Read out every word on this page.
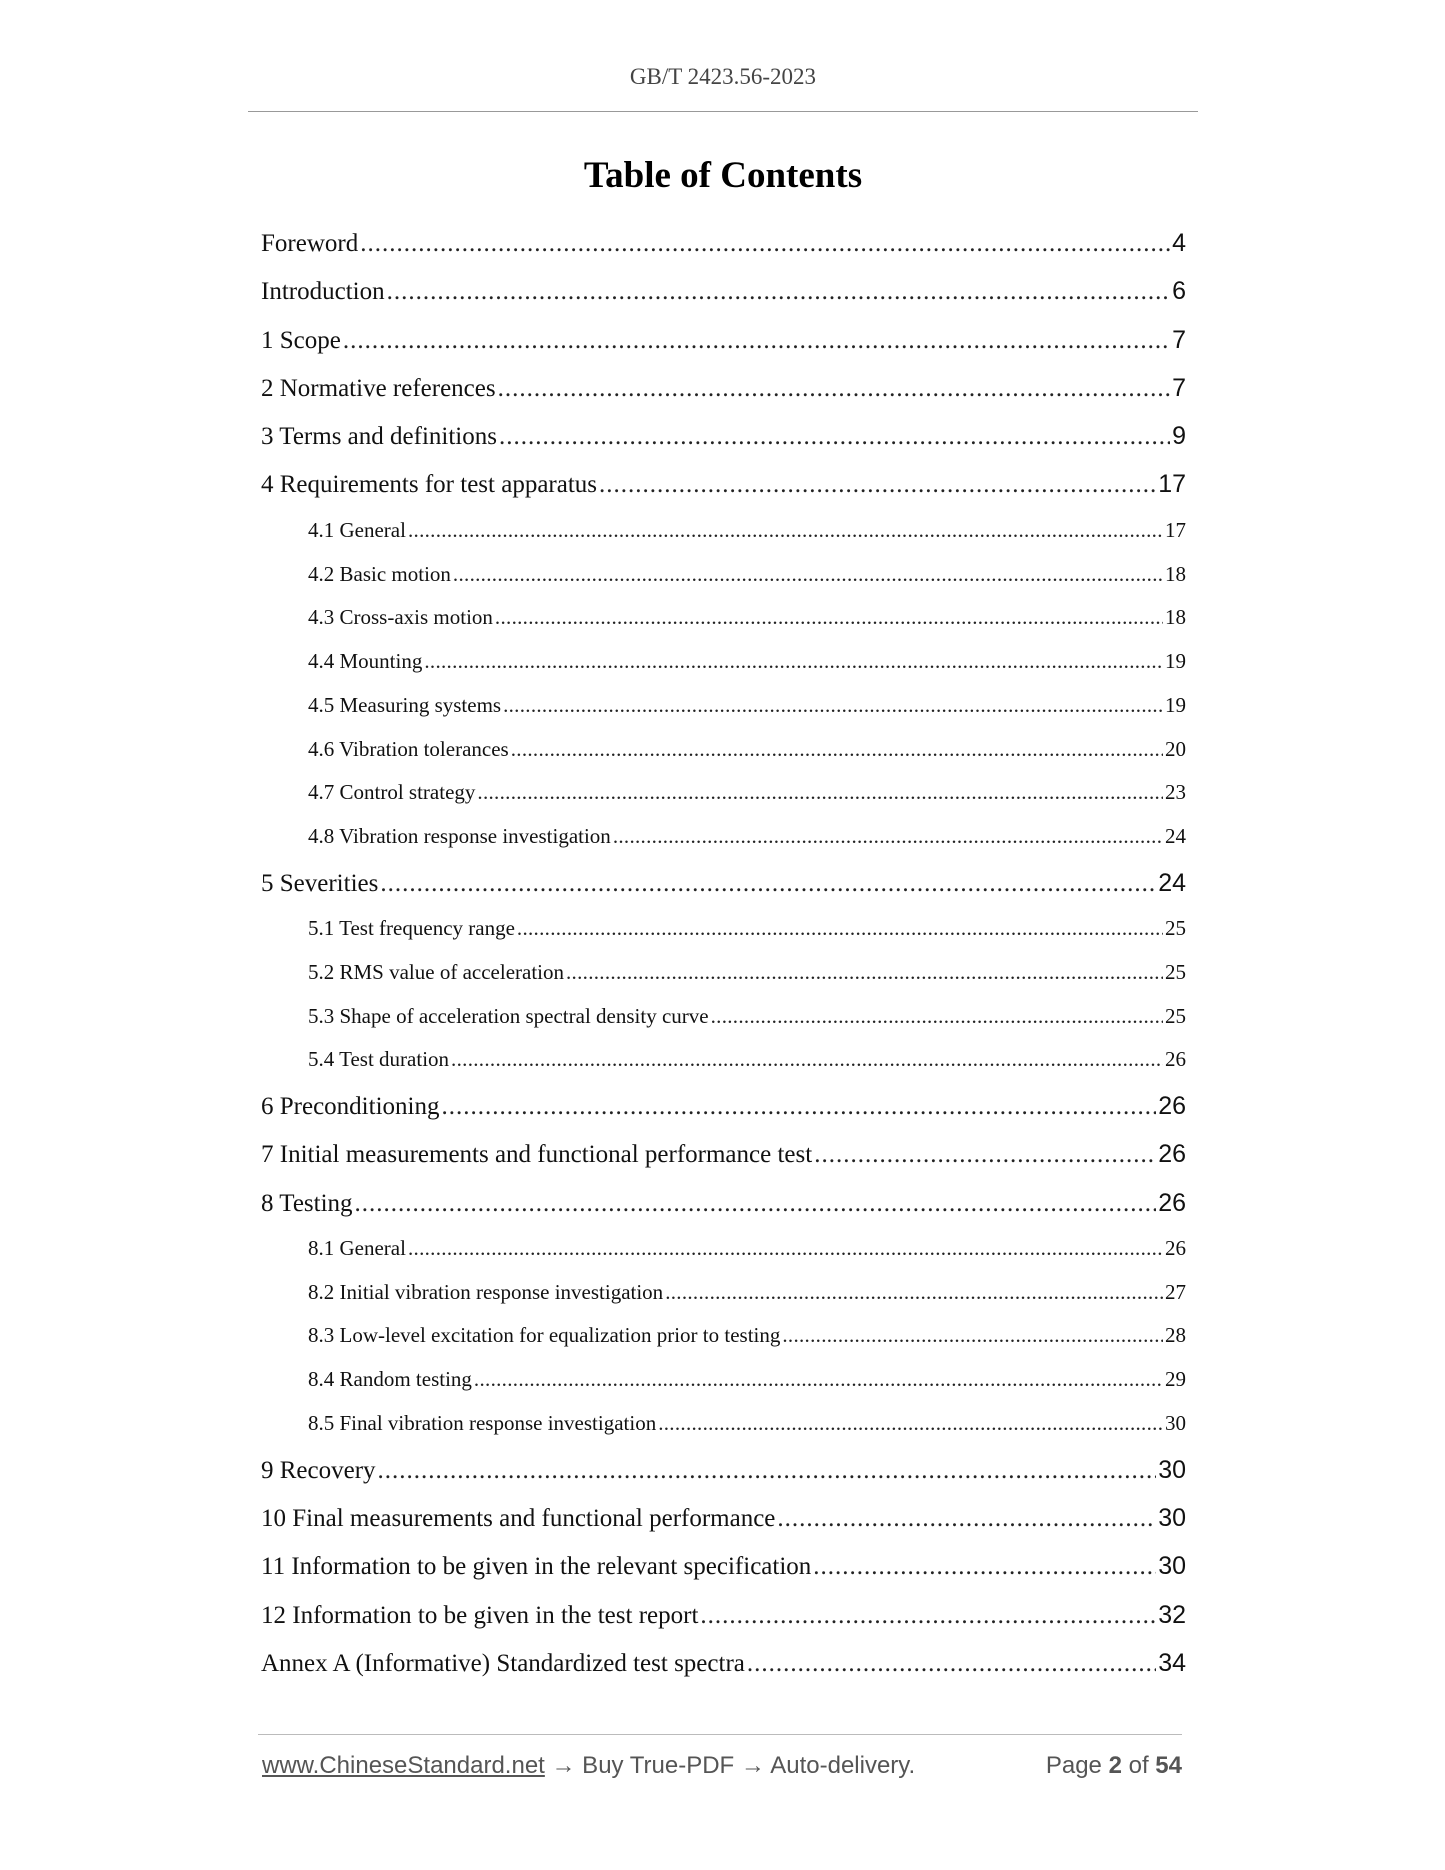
GB/T 2423.56-2023
Table of Contents
Foreword .....	4
Introduction .....	6
1 Scope .....	7
2 Normative references .....	7
3 Terms and definitions .....	9
4 Requirements for test apparatus .....	17
4.1 General .....	17
4.2 Basic motion .....	18
4.3 Cross-axis motion .....	18
4.4 Mounting .....	19
4.5 Measuring systems .....	19
4.6 Vibration tolerances .....	20
4.7 Control strategy .....	23
4.8 Vibration response investigation .....	24
5 Severities .....	24
5.1 Test frequency range .....	25
5.2 RMS value of acceleration .....	25
5.3 Shape of acceleration spectral density curve .....	25
5.4 Test duration .....	26
6 Preconditioning .....	26
7 Initial measurements and functional performance test .....	26
8 Testing .....	26
8.1 General .....	26
8.2 Initial vibration response investigation .....	27
8.3 Low-level excitation for equalization prior to testing .....	28
8.4 Random testing .....	29
8.5 Final vibration response investigation .....	30
9 Recovery .....	30
10 Final measurements and functional performance .....	30
11 Information to be given in the relevant specification .....	30
12 Information to be given in the test report .....	32
Annex A (Informative) Standardized test spectra .....	34
www.ChineseStandard.net → Buy True-PDF → Auto-delivery.	Page 2 of 54
